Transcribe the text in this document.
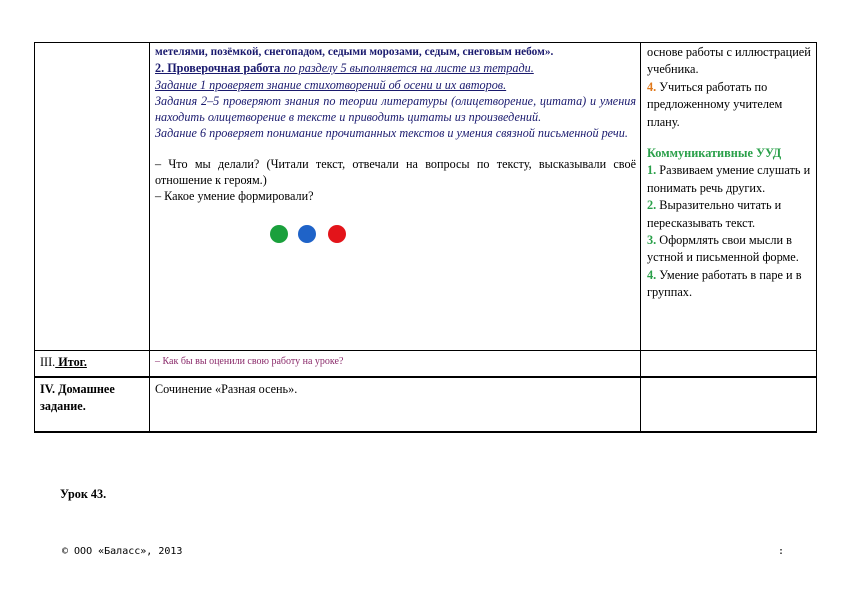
метелями, позёмкой, снегопадом, седыми морозами, седым, снеговым небом».

2. Проверочная работа по разделу 5 выполняется на листе из тетради.

Задание 1 проверяет знание стихотворений об осени и их авторов.

Задания 2–5 проверяют знания по теории литературы (олицетворение, цитата) и умения находить олицетворение в тексте и приводить цитаты из произведений.

Задание 6 проверяет понимание прочитанных текстов и умения связной письменной речи.

– Что мы делали? (Читали текст, отвечали на вопросы по тексту, высказывали своё отношение к героям.)

– Какое умение формировали?

основе работы с иллюстрацией учебника.

4. Учиться работать по предложенному учителем плану.

Коммуникативные УУД

1. Развиваем умение слушать и понимать речь других.

2. Выразительно читать и пересказывать текст.

3. Оформлять свои мысли в устной и письменной форме.

4. Умение работать в паре и в группах.

III. Итог.	– Как бы вы оценили свою работу на уроке?
IV. Домашнее задание.
Сочинение «Разная осень».
Урок 43.
© ООО «Баласс», 2013	:
